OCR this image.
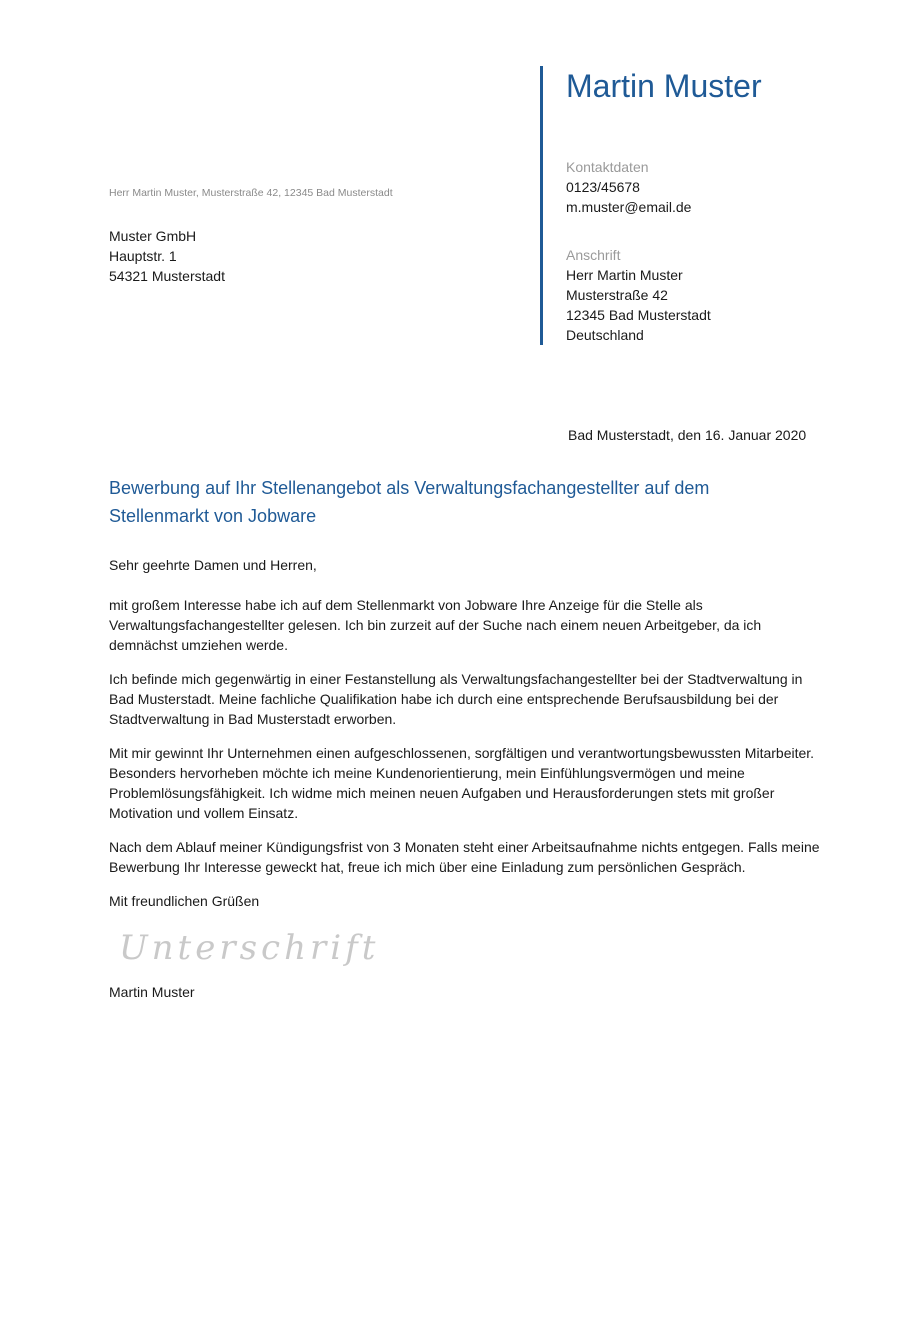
Martin Muster
Kontaktdaten
0123/45678
m.muster@email.de
Anschrift
Herr Martin Muster
Musterstraße 42
12345 Bad Musterstadt
Deutschland
Herr Martin Muster, Musterstraße 42, 12345 Bad Musterstadt
Muster GmbH
Hauptstr. 1
54321 Musterstadt
Bad Musterstadt, den 16. Januar 2020
Bewerbung auf Ihr Stellenangebot als Verwaltungsfachangestellter auf dem Stellenmarkt von Jobware
Sehr geehrte Damen und Herren,
mit großem Interesse habe ich auf dem Stellenmarkt von Jobware Ihre Anzeige für die Stelle als Verwaltungsfachangestellter gelesen. Ich bin zurzeit auf der Suche nach einem neuen Arbeitgeber, da ich demnächst umziehen werde.
Ich befinde mich gegenwärtig in einer Festanstellung als Verwaltungsfachangestellter bei der Stadtverwaltung in Bad Musterstadt. Meine fachliche Qualifikation habe ich durch eine entsprechende Berufsausbildung bei der Stadtverwaltung in Bad Musterstadt erworben.
Mit mir gewinnt Ihr Unternehmen einen aufgeschlossenen, sorgfältigen und verantwortungsbewussten Mitarbeiter. Besonders hervorheben möchte ich meine Kundenorientierung, mein Einfühlungsvermögen und meine Problemlösungsfähigkeit. Ich widme mich meinen neuen Aufgaben und Herausforderungen stets mit großer Motivation und vollem Einsatz.
Nach dem Ablauf meiner Kündigungsfrist von 3 Monaten steht einer Arbeitsaufnahme nichts entgegen. Falls meine Bewerbung Ihr Interesse geweckt hat, freue ich mich über eine Einladung zum persönlichen Gespräch.
Mit freundlichen Grüßen
Unterschrift
Martin Muster
